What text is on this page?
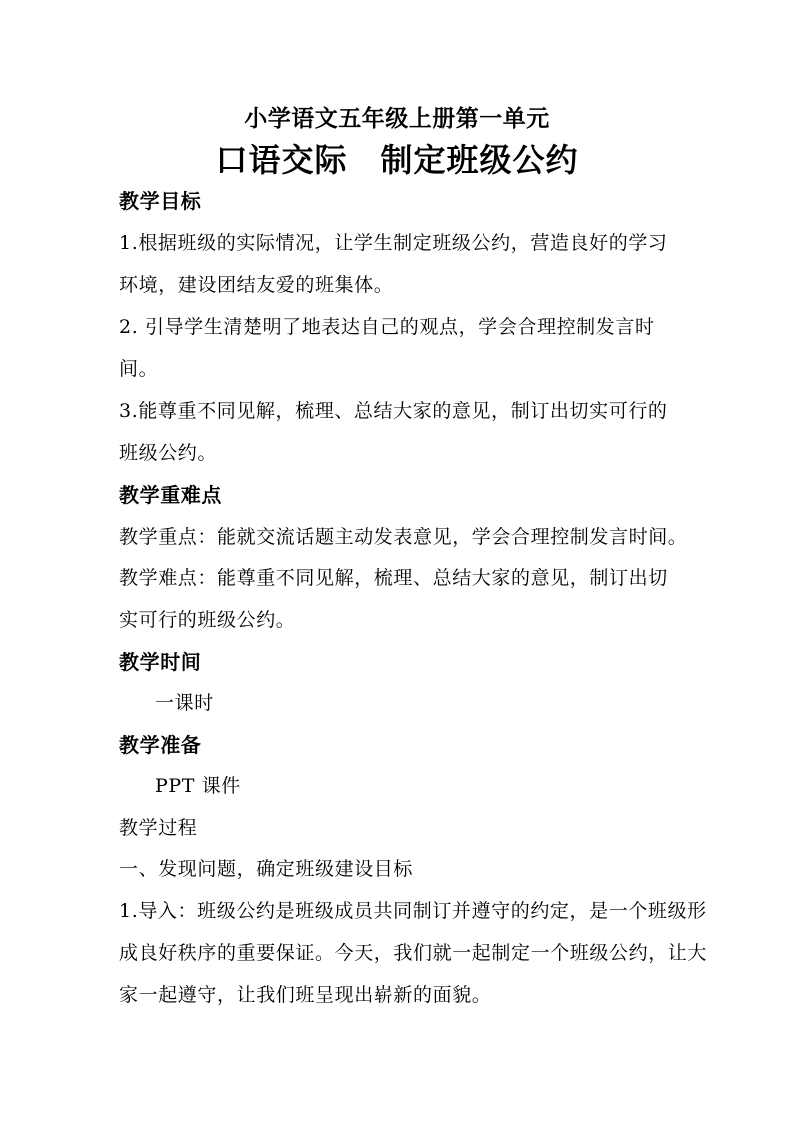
小学语文五年级上册第一单元
口语交际　制定班级公约
教学目标
1.根据班级的实际情况，让学生制定班级公约，营造良好的学习
环境，建设团结友爱的班集体。
2. 引导学生清楚明了地表达自己的观点，学会合理控制发言时
间。
3.能尊重不同见解，梳理、总结大家的意见，制订出切实可行的
班级公约。
教学重难点
教学重点：能就交流话题主动发表意见，学会合理控制发言时间。
教学难点：能尊重不同见解，梳理、总结大家的意见，制订出切
实可行的班级公约。
教学时间
一课时
教学准备
PPT 课件
教学过程
一、发现问题，确定班级建设目标
1.导入：班级公约是班级成员共同制订并遵守的约定，是一个班级形
成良好秩序的重要保证。今天，我们就一起制定一个班级公约，让大
家一起遵守，让我们班呈现出崭新的面貌。
